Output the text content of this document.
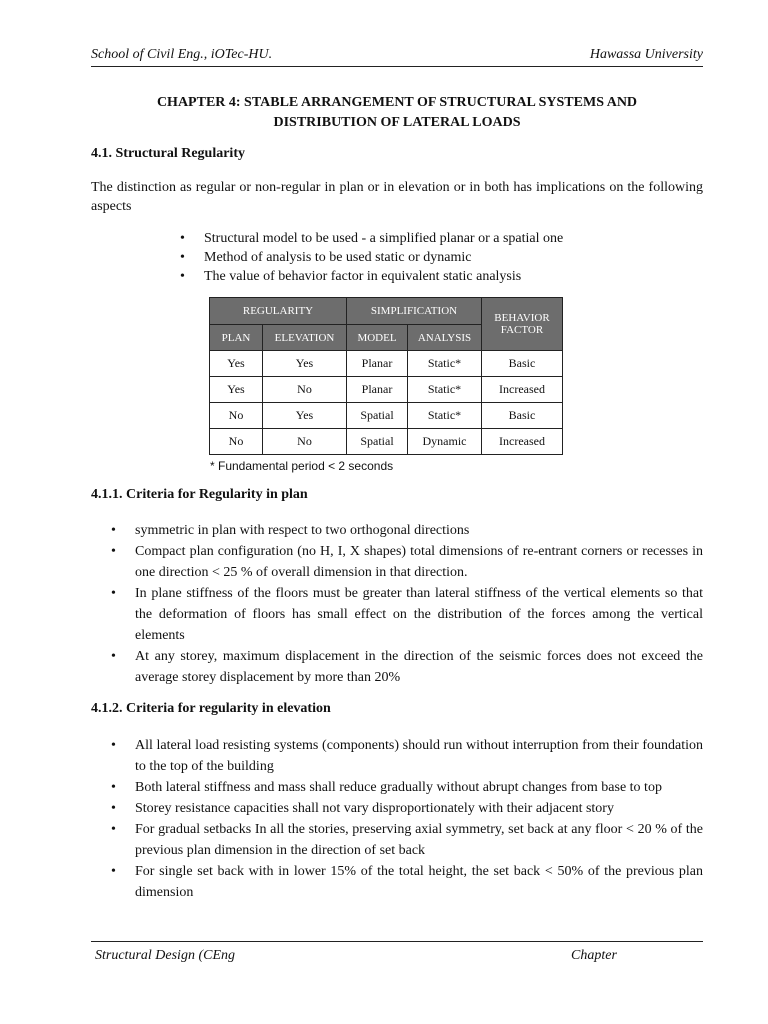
School of Civil Eng., iOTec-HU.	Hawassa University
CHAPTER 4: STABLE ARRANGEMENT OF STRUCTURAL SYSTEMS AND
DISTRIBUTION OF LATERAL LOADS
4.1. Structural Regularity
The distinction as regular or non-regular in plan or in elevation or in both has implications on the following aspects
• Structural model to be used - a simplified planar or a spatial one
• Method of analysis to be used static or dynamic
• The value of behavior factor in equivalent static analysis
REGULARITY		SIMPLIFICATION		BEHAVIOR FACTOR
PLAN	ELEVATION	MODEL	ANALYSIS	
Yes	Yes	Planar	Static*	Basic
Yes	No	Planar	Static*	Increased
No	Yes	Spatial	Static*	Basic
No	No	Spatial	Dynamic	Increased
* Fundamental period < 2 seconds
4.1.1. Criteria for Regularity in plan
• symmetric in plan with respect to two orthogonal directions
• Compact plan configuration (no H, I, X shapes) total dimensions of re-entrant corners or recesses in one direction < 25 % of overall dimension in that direction.
• In plane stiffness of the floors must be greater than lateral stiffness of the vertical elements so that the deformation of floors has small effect on the distribution of the forces among the vertical elements
• At any storey, maximum displacement in the direction of the seismic forces does not exceed the average storey displacement by more than 20%
4.1.2. Criteria for regularity in elevation
• All lateral load resisting systems (components) should run without interruption from their foundation to the top of the building
• Both lateral stiffness and mass shall reduce gradually without abrupt changes from base to top
• Storey resistance capacities shall not vary disproportionately with their adjacent story
• For gradual setbacks In all the stories, preserving axial symmetry, set back at any floor < 20 % of the previous plan dimension in the direction of set back
• For single set back with in lower 15% of the total height, the set back < 50% of the previous plan dimension
Structural Design (CEng	Chapter
